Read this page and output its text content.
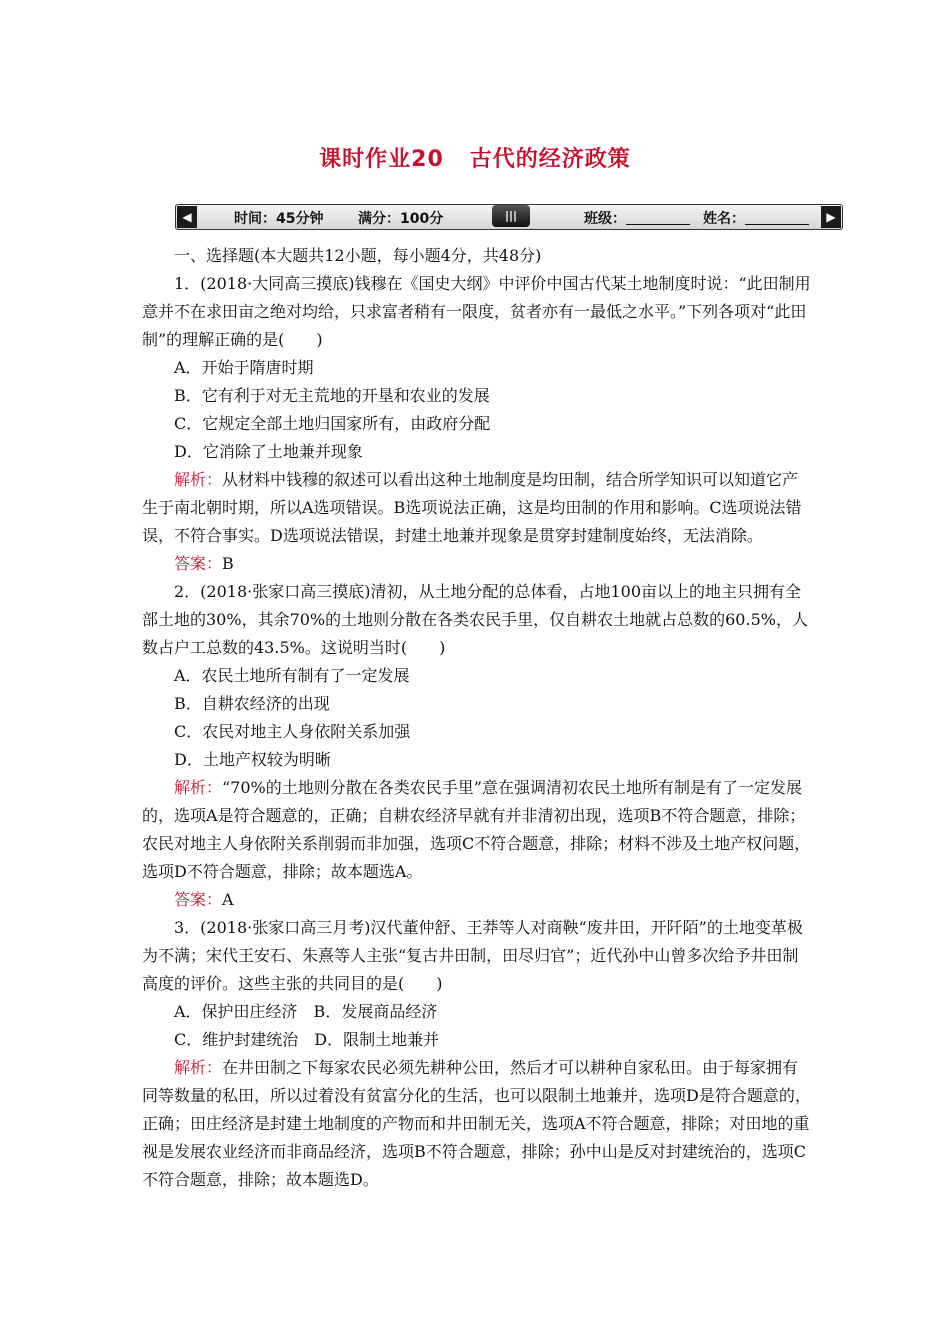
课时作业20 古代的经济政策
◀	时间：45分钟 满分：100分	|||	班级：	姓名：	▶

一、选择题(本大题共12小题，每小题4分，共48分)

1．(2018·大同高三摸底)钱穆在《国史大纲》中评价中国古代某土地制度时说：“此田制用意并不在求田亩之绝对均给，只求富者稍有一限度，贫者亦有一最低之水平。”下列各项对“此田制”的理解正确的是(　　)

A．开始于隋唐时期

B．它有利于对无主荒地的开垦和农业的发展

C．它规定全部土地归国家所有，由政府分配

D．它消除了土地兼并现象

解析：从材料中钱穆的叙述可以看出这种土地制度是均田制，结合所学知识可以知道它产生于南北朝时期，所以A选项错误。B选项说法正确，这是均田制的作用和影响。C选项说法错误，不符合事实。D选项说法错误，封建土地兼并现象是贯穿封建制度始终，无法消除。

答案：B

2．(2018·张家口高三摸底)清初，从土地分配的总体看，占地100亩以上的地主只拥有全部土地的30%，其余70%的土地则分散在各类农民手里，仅自耕农土地就占总数的60.5%，人数占户工总数的43.5%。这说明当时(　　)

A．农民土地所有制有了一定发展

B．自耕农经济的出现

C．农民对地主人身依附关系加强

D．土地产权较为明晰

解析：“70%的土地则分散在各类农民手里”意在强调清初农民土地所有制是有了一定发展的，选项A是符合题意的，正确；自耕农经济早就有并非清初出现，选项B不符合题意，排除；农民对地主人身依附关系削弱而非加强，选项C不符合题意，排除；材料不涉及土地产权问题，选项D不符合题意，排除；故本题选A。

答案：A

3．(2018·张家口高三月考)汉代董仲舒、王莽等人对商鞅“废井田，开阡陌”的土地变革极为不满；宋代王安石、朱熹等人主张“复古井田制，田尽归官”；近代孙中山曾多次给予井田制高度的评价。这些主张的共同目的是(　　)

A．保护田庄经济　B．发展商品经济

C．维护封建统治　D．限制土地兼并

解析：在井田制之下每家农民必须先耕种公田，然后才可以耕种自家私田。由于每家拥有同等数量的私田，所以过着没有贫富分化的生活，也可以限制土地兼并，选项D是符合题意的，正确；田庄经济是封建土地制度的产物而和井田制无关，选项A不符合题意，排除；对田地的重视是发展农业经济而非商品经济，选项B不符合题意，排除；孙中山是反对封建统治的，选项C不符合题意，排除；故本题选D。
